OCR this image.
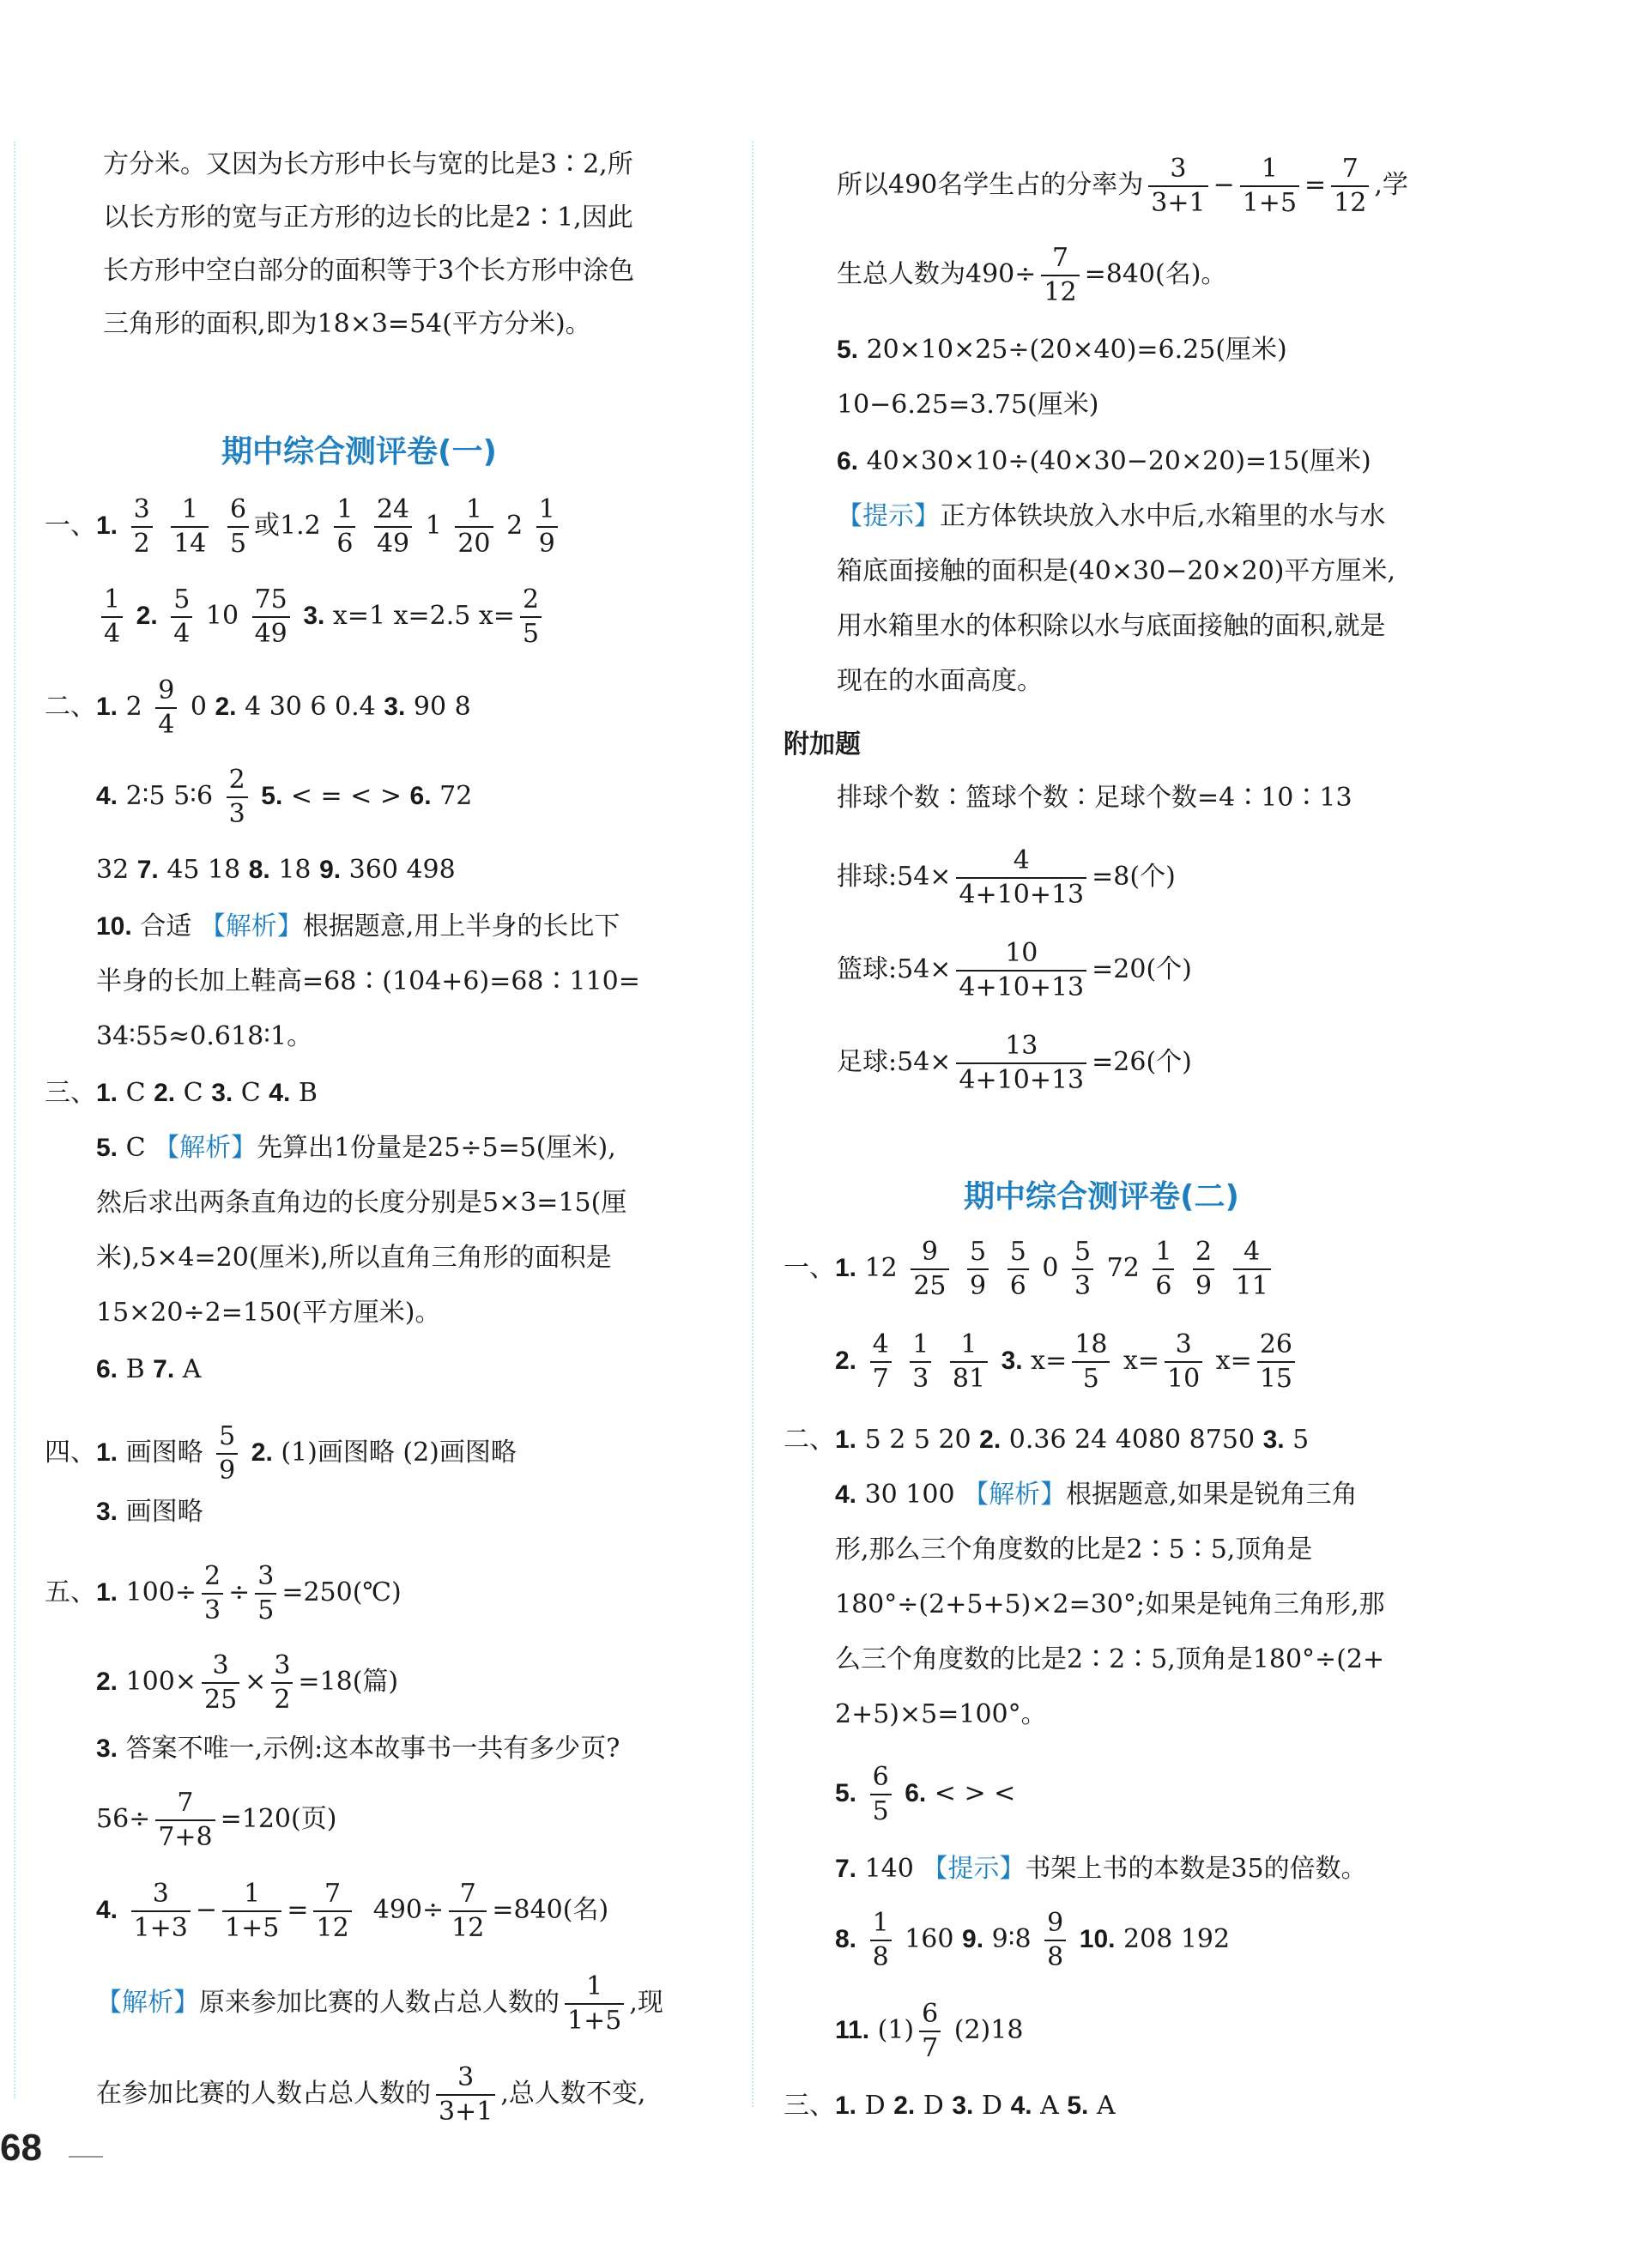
方分米。又因为长方形中长与宽的比是3∶2,所
以长方形的宽与正方形的边长的比是2∶1,因此
长方形中空白部分的面积等于3个长方形中涂色
三角形的面积,即为18×3=54(平方分米)。
期中综合测评卷(一)
一、1. $\frac{3}{2}$
$\frac{1}{14}$
$\frac{6}{5}$ 或$1.2 \frac{1}{6}$
$\frac{24}{49} 1 \frac{1}{20} 2 \frac{1}{9}$
$\frac{1}{4} 2$. $\frac{5}{4} 10 \frac{75}{49} 3$. x=1 x=2.5 $x= \frac{2}{5}$
二、1. $2 \frac{9}{4} 0$ 2. 4 30 6 0.4 3. 90 8
4. 2∶5 5∶6 $\frac{2}{3} 5$. < = < > 6. 72
32 7. 45 18 8. 18 9. 360 498
10. 合适 【解析】根据题意,用上半身的长比下
半身的长加上鞋高=68∶(104+6)=68∶110=
34∶55≈0.618∶1。
三、1. C 2. C 3. C 4. B
5. C 【解析】先算出1份量是25÷5=5(厘米),
然后求出两条直角边的长度分别是5×3=15(厘
米),5×4=20(厘米),所以直角三角形的面积是
15×20÷2=150(平方厘米)。
6. B 7. A
四、1. 画图略 $\frac{5}{9} 2$. (1)画图略 (2)画图略
3. 画图略
五、1. $100\div \frac{2}{3} \div \frac{3}{5}$ =250(℃)
2. $100\times \frac{3}{25} \times \frac{3}{2} =18$(篇)
3. 答案不唯一,示例:这本故事书一共有多少页?
$56\div \frac{7}{7+8} =120$(页)
4. $\frac{3}{1+3} - \frac{1}{1+5} = \frac{7}{12} 490\div \frac{7}{12} =840$(名)
【解析】原来参加比赛的人数占总人数的 $\frac{1}{1+5}$ ,现
在参加比赛的人数占总人数的 $\frac{3}{3+1}$ ,总人数不变,
所以490名学生占的分率为 $\frac{3}{3+1} - \frac{1}{1+5} = \frac{7}{12}$ ,学
生总人数为$490\div \frac{7}{12} =840$(名)。
5. 20×10×25÷(20×40)=6.25(厘米)
10−6.25=3.75(厘米)
6. 40×30×10÷(40×30−20×20)=15(厘米)
【提示】正方体铁块放入水中后,水箱里的水与水
箱底面接触的面积是(40×30−20×20)平方厘米,
用水箱里水的体积除以水与底面接触的面积,就是
现在的水面高度。
附加题
排球个数∶篮球个数∶足球个数=4∶10∶13
排球:54× $\frac{4}{4+10+13} =8$(个)
篮球:54× $\frac{10}{4+10+13} =20$(个)
足球:54× $\frac{13}{4+10+13} =26$(个)
期中综合测评卷(二)
一、1. $12 \frac{9}{25}$
$\frac{5}{9}$
$\frac{5}{6} 0 \frac{5}{3} 72 \frac{1}{6}$
$\frac{2}{9}$
$\frac{4}{11}$
2. $\frac{4}{7}$
$\frac{1}{3}$
$\frac{1}{81} 3$. $x= \frac{18}{5} x= \frac{3}{10} x= \frac{26}{15}$
二、1. 5 2 5 20 2. 0.36 24 4080 8750 3. 5
4. 30 100 【解析】根据题意,如果是锐角三角
形,那么三个角度数的比是2∶5∶5,顶角是
180°÷(2+5+5)×2=30°;如果是钝角三角形,那
么三个角度数的比是2∶2∶5,顶角是180°÷(2+
2+5)×5=100°。
5. $\frac{6}{5} 6$. < > <
7. 140 【提示】书架上书的本数是35的倍数。
8. $\frac{1}{8} 160$ 9. 9∶8 $\frac{9}{8} 10$. 208 192
11. $(1) \frac{6}{7} (2)18$
三、1. D 2. D 3. D 4. A 5. A
68
